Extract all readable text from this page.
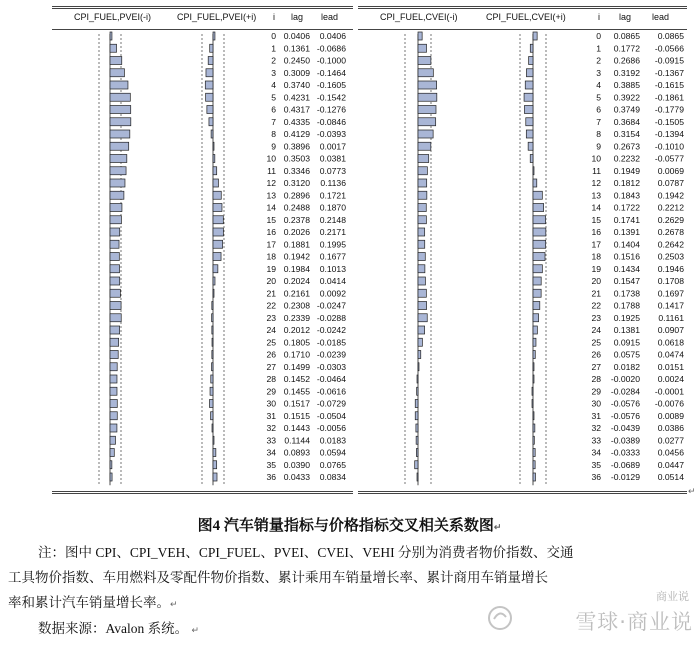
CPI_FUEL,PVEI(-i)	CPI_FUEL,PVEI(+i) i lag lead
0 0.0406 0.0406
1 0.1361 -0.0686
2 0.2450 -0.1000
3 0.3009 -0.1464
4 0.3740 -0.1605
5 0.4231 -0.1542
6 0.4317 -0.1276
7 0.4335 -0.0846
8 0.4129 -0.0393
9 0.3896 0.0017
10 0.3503 0.0381
11 0.3346 0.0773
12 0.3120 0.1136
13 0.2896 0.1721
14 0.2488 0.1870
15 0.2378 0.2148
16 0.2026 0.2171
17 0.1881 0.1995
18 0.1942 0.1677
19 0.1984 0.1013
20 0.2024 0.0414
21 0.2161 0.0092
22 0.2308 -0.0247
23 0.2339 -0.0288
24 0.2012 -0.0242
25 0.1805 -0.0185
26 0.1710 -0.0239
27 0.1499 -0.0303
28 0.1452 -0.0464
29 0.1455 -0.0616
30 0.1517 -0.0729
31 0.1515 -0.0504
32 0.1443 -0.0056
33 0.1144 0.0183
34 0.0893 0.0594
35 0.0390 0.0765
36 0.0433 0.0834
CPI_FUEL,CVEI(-i)	CPI_FUEL,CVEI(+i)	i lag lead
0 0.0865 0.0865
1 0.1772 -0.0566
2 0.2686 -0.0915
3 0.3192 -0.1367
4 0.3885 -0.1615
5 0.3922 -0.1861
6 0.3749 -0.1779
7 0.3684 -0.1505
8 0.3154 -0.1394
9 0.2673 -0.1010
10 0.2232 -0.0577
11 0.1949 0.0069
12 0.1812 0.0787
13 0.1843 0.1942
14 0.1722 0.2212
15 0.1741 0.2629
16 0.1391 0.2678
17 0.1404 0.2642
18 0.1516 0.2503
19 0.1434 0.1946
20 0.1547 0.1708
21 0.1738 0.1697
22 0.1788 0.1417
23 0.1925 0.1161
24 0.1381 0.0907
25 0.0915 0.0618
26 0.0575 0.0474
27 0.0182 0.0151
28 -0.0020 0.0024
29 -0.0284 -0.0001
30 -0.0576 -0.0076
31 -0.0576 0.0089
32 -0.0439 0.0386
33 -0.0389 0.0277
34 -0.0333 0.0456
35 -0.0689 0.0447
36 -0.0129 0.0514
↵
图4 汽车销量指标与价格指标交叉相关系数图↵
注：图中 CPI、CPI_VEH、CPI_FUEL、PVEI、CVEI、VEHI 分别为消费者物价指数、交通
工具物价指数、车用燃料及零配件物价指数、累计乘用车销量增长率、累计商用车销量增长
率和累计汽车销量增长率。↵
数据来源：Avalon 系统。 ↵
商业说
雪球·商业说
